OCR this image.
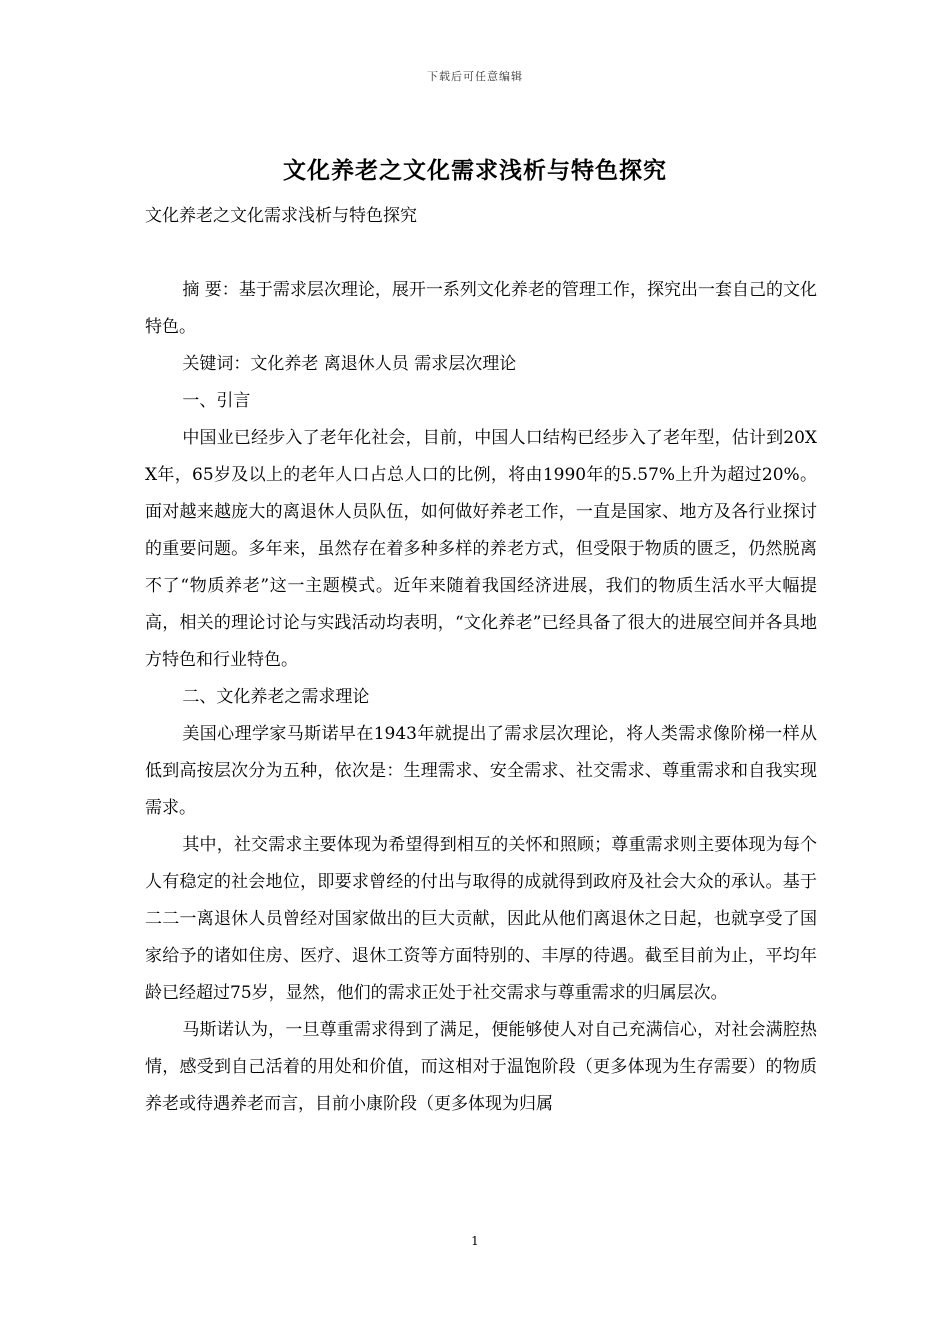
下载后可任意编辑
文化养老之文化需求浅析与特色探究

文化养老之文化需求浅析与特色探究

摘 要：基于需求层次理论，展开一系列文化养老的管理工作，探究出一套自己的文化特色。

关键词：文化养老 离退休人员 需求层次理论

一、引言

中国业已经步入了老年化社会，目前，中国人口结构已经步入了老年型，估计到20XX年，65岁及以上的老年人口占总人口的比例，将由1990年的5.57%上升为超过20%。面对越来越庞大的离退休人员队伍，如何做好养老工作，一直是国家、地方及各行业探讨的重要问题。多年来，虽然存在着多种多样的养老方式，但受限于物质的匮乏，仍然脱离不了“物质养老”这一主题模式。近年来随着我国经济进展，我们的物质生活水平大幅提高，相关的理论讨论与实践活动均表明，“文化养老”已经具备了很大的进展空间并各具地方特色和行业特色。

二、文化养老之需求理论

美国心理学家马斯诺早在1943年就提出了需求层次理论，将人类需求像阶梯一样从低到高按层次分为五种，依次是：生理需求、安全需求、社交需求、尊重需求和自我实现需求。

其中，社交需求主要体现为希望得到相互的关怀和照顾；尊重需求则主要体现为每个人有稳定的社会地位，即要求曾经的付出与取得的成就得到政府及社会大众的承认。基于二二一离退休人员曾经对国家做出的巨大贡献，因此从他们离退休之日起，也就享受了国家给予的诸如住房、医疗、退休工资等方面特别的、丰厚的待遇。截至目前为止，平均年龄已经超过75岁，显然，他们的需求正处于社交需求与尊重需求的归属层次。

马斯诺认为，一旦尊重需求得到了满足，便能够使人对自己充满信心，对社会满腔热情，感受到自己活着的用处和价值，而这相对于温饱阶段（更多体现为生存需要）的物质养老或待遇养老而言，目前小康阶段（更多体现为归属

1
